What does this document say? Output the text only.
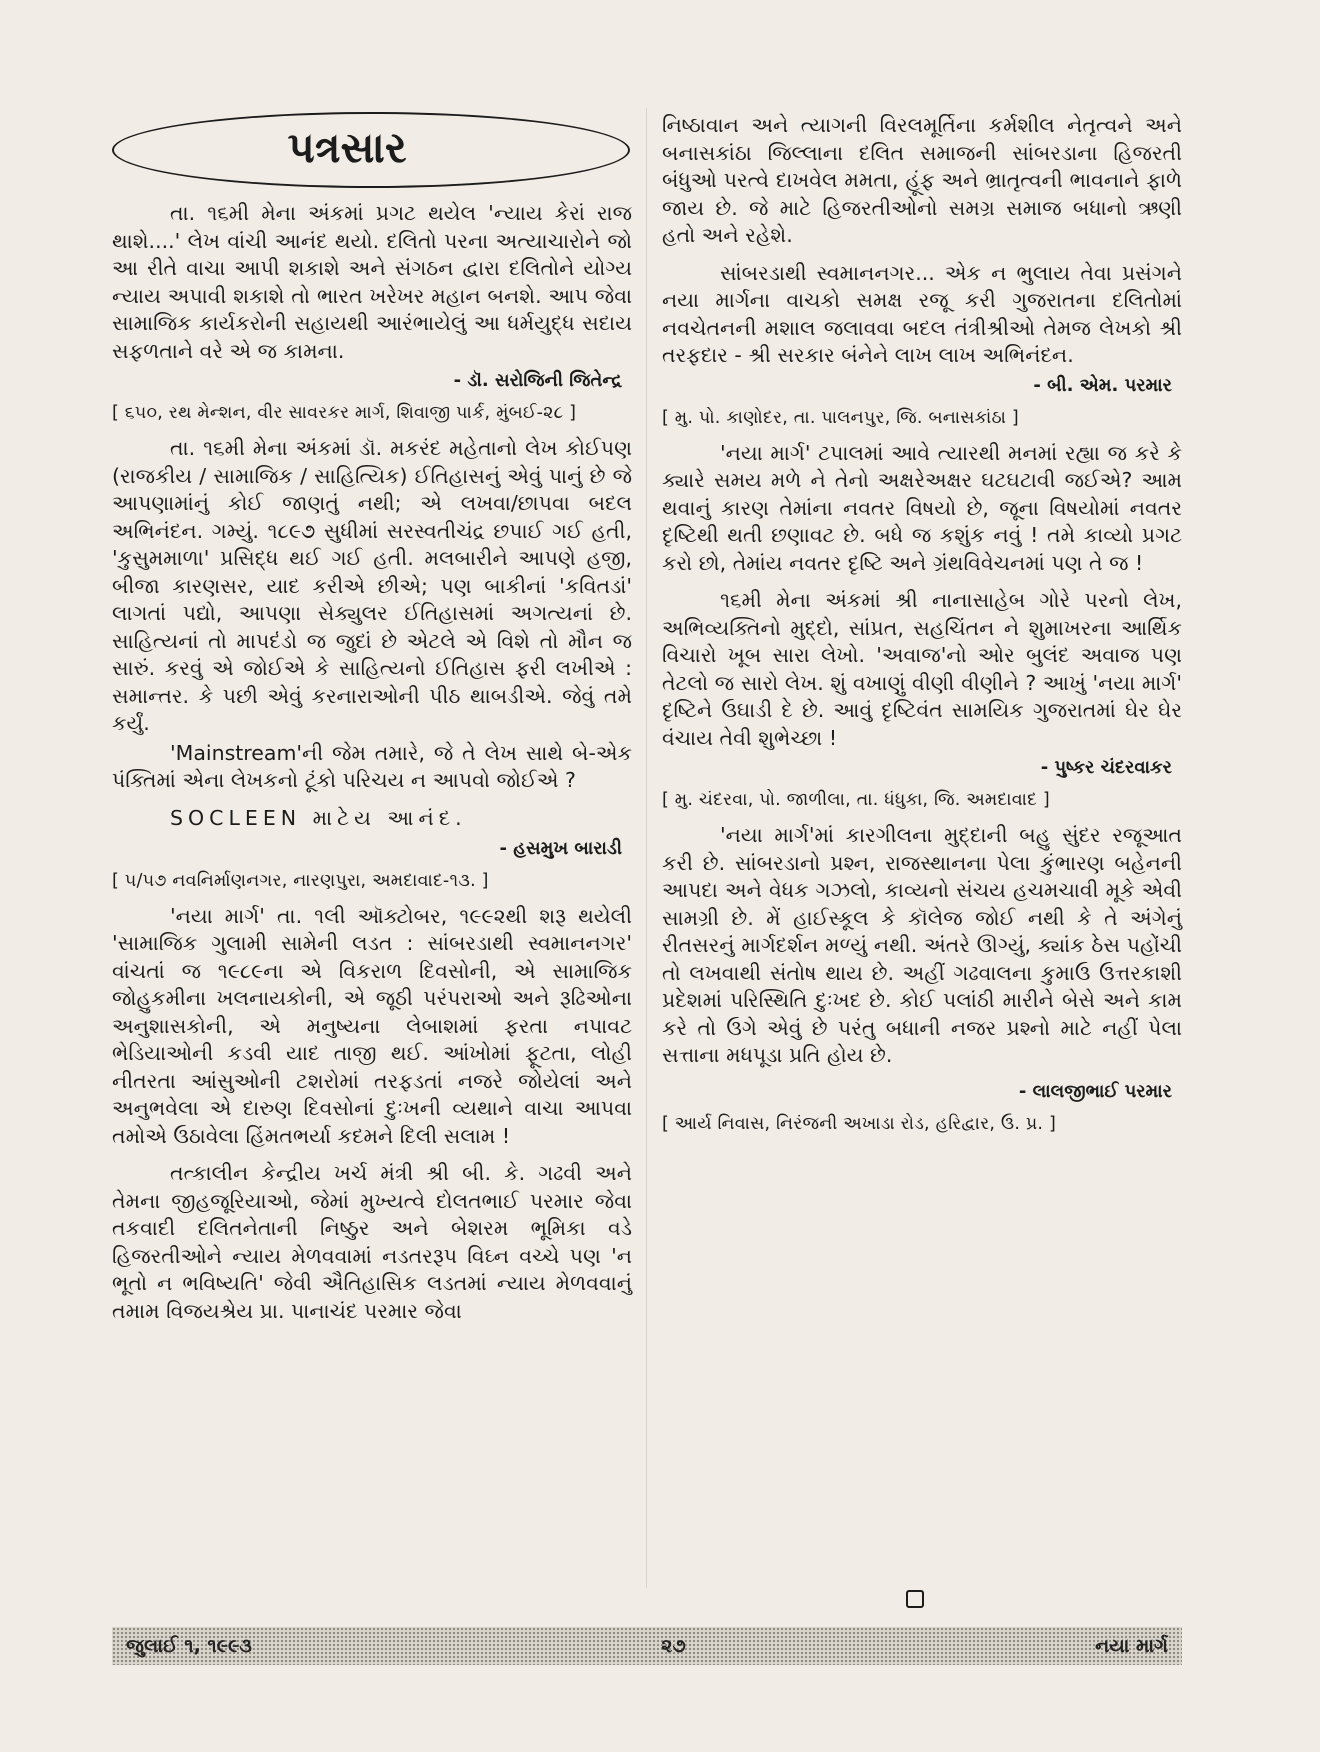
પત્રસાર

તા. ૧૬મી મેના અંકમાં પ્રગટ થયેલ 'ન્યાય કેરાં રાજ થાશે....' લેખ વાંચી આનંદ થયો. દલિતો પરના અત્યાચારોને જો આ રીતે વાચા આપી શકાશે અને સંગઠન દ્વારા દલિતોને યોગ્ય ન્યાય અપાવી શકાશે તો ભારત ખરેખર મહાન બનશે. આપ જેવા સામાજિક કાર્યકરોની સહાયથી આરંભાયેલું આ ધર્મયુદ્ધ સદાય સફળતાને વરે એ જ કામના.

- ડૉ. સરોજિની જિતેન્દ્ર
[ ૬૫૦, રથ મેન્શન, વીર સાવરકર માર્ગ, શિવાજી પાર્ક, મુંબઈ-૨૮ ]

તા. ૧૬મી મેના અંકમાં ડૉ. મકરંદ મહેતાનો લેખ કોઈપણ (રાજકીય / સામાજિક / સાહિત્યિક) ઈતિહાસનું એવું પાનું છે જે આપણામાંનું કોઈ જાણતું નથી; એ લખવા/છાપવા બદલ અભિનંદન. ગમ્યું. ૧૮૯૭ સુધીમાં સરસ્વતીચંદ્ર છપાઈ ગઈ હતી, 'કુસુમમાળા' પ્રસિદ્ધ થઈ ગઈ હતી. મલબારીને આપણે હજી, બીજા કારણસર, યાદ કરીએ છીએ; પણ બાકીનાં 'કવિતડાં' લાગતાં પદ્યો, આપણા સેક્યુલર ઈતિહાસમાં અગત્યનાં છે. સાહિત્યનાં તો માપદંડો જ જુદાં છે એટલે એ વિશે તો મૌન જ સારું. કરવું એ જોઈએ કે સાહિત્યનો ઈતિહાસ ફરી લખીએ : સમાન્તર. કે પછી એવું કરનારાઓની પીઠ થાબડીએ. જેવું તમે કર્યું.

'Mainstream'ની જેમ તમારે, જે તે લેખ સાથે બે-એક પંક્તિમાં એના લેખકનો ટૂંકો પરિચય ન આપવો જોઈએ ?

SOCLEEN માટેય આનંદ.
- હસમુખ બારાડી
[ ૫/૫૭ નવનિર્માણનગર, નારણપુરા, અમદાવાદ-૧૩. ]

'નયા માર્ગ' તા. ૧લી ઑક્ટોબર, ૧૯૯૨થી શરૂ થયેલી 'સામાજિક ગુલામી સામેની લડત : સાંબરડાથી સ્વમાનનગર' વાંચતાં જ ૧૯૮૯ના એ વિકરાળ દિવસોની, એ સામાજિક જોહુકમીના ખલનાયકોની, એ જૂઠી પરંપરાઓ અને રૂઢિઓના અનુશાસકોની, એ મનુષ્યના લેબાશમાં ફરતા નપાવટ ભેડિયાઓની કડવી યાદ તાજી થઈ. આંખોમાં ફૂટતા, લોહી નીતરતા આંસુઓની ટશરોમાં તરફડતાં નજરે જોયેલાં અને અનુભવેલા એ દારુણ દિવસોનાં દુઃખની વ્યથાને વાચા આપવા તમોએ ઉઠાવેલા હિંમતભર્યા કદમને દિલી સલામ !

તત્કાલીન કેન્દ્રીય ખર્ચ મંત્રી શ્રી બી. કે. ગઢવી અને તેમના જીહજૂરિયાઓ, જેમાં મુખ્યત્વે દોલતભાઈ પરમાર જેવા તકવાદી દલિતનેતાની નિષ્ઠુર અને બેશરમ ભૂમિકા વડે હિજરતીઓને ન્યાય મેળવવામાં નડતરરૂપ વિઘ્ન વચ્ચે પણ 'ન ભૂતો ન ભવિષ્યતિ' જેવી ઐતિહાસિક લડતમાં ન્યાય મેળવવાનું તમામ વિજયશ્રેય પ્રા. પાનાચંદ પરમાર જેવા

નિષ્ઠાવાન અને ત્યાગની વિરલમૂર્તિના કર્મશીલ નેતૃત્વને અને બનાસકાંઠા જિલ્લાના દલિત સમાજની સાંબરડાના હિજરતી બંધુઓ પરત્વે દાખવેલ મમતા, હૂંફ અને ભ્રાતૃત્વની ભાવનાને ફાળે જાય છે. જે માટે હિજરતીઓનો સમગ્ર સમાજ બધાનો ઋણી હતો અને રહેશે.

સાંબરડાથી સ્વમાનનગર... એક ન ભુલાય તેવા પ્રસંગને નયા માર્ગના વાચકો સમક્ષ રજૂ કરી ગુજરાતના દલિતોમાં નવચેતનની મશાલ જલાવવા બદલ તંત્રીશ્રીઓ તેમજ લેખકો શ્રી તરફદાર - શ્રી સરકાર બંનેને લાખ લાખ અભિનંદન.

- બી. એમ. પરમાર
[ મુ. પો. કાણોદર, તા. પાલનપુર, જિ. બનાસકાંઠા ]

'નયા માર્ગ' ટપાલમાં આવે ત્યારથી મનમાં રહ્યા જ કરે કે ક્યારે સમય મળે ને તેનો અક્ષરેઅક્ષર ઘટઘટાવી જઈએ? આમ થવાનું કારણ તેમાંના નવતર વિષયો છે, જૂના વિષયોમાં નવતર દૃષ્ટિથી થતી છણાવટ છે. બધે જ કશુંક નવું ! તમે કાવ્યો પ્રગટ કરો છો, તેમાંય નવતર દૃષ્ટિ અને ગ્રંથવિવેચનમાં પણ તે જ !

૧૬મી મેના અંકમાં શ્રી નાનાસાહેબ ગોરે પરનો લેખ, અભિવ્યક્તિનો મુદ્દો, સાંપ્રત, સહચિંતન ને શુમાખરના આર્થિક વિચારો ખૂબ સારા લેખો. 'અવાજ'નો ઓર બુલંદ અવાજ પણ તેટલો જ સારો લેખ. શું વખાણું વીણી વીણીને ? આખું 'નયા માર્ગ' દૃષ્ટિને ઉઘાડી દે છે. આવું દૃષ્ટિવંત સામયિક ગુજરાતમાં ઘેર ઘેર વંચાય તેવી શુભેચ્છા !

- પુષ્કર ચંદરવાકર
[ મુ. ચંદરવા, પો. જાળીલા, તા. ધંધુકા, જિ. અમદાવાદ ]

'નયા માર્ગ'માં કારગીલના મુદ્દાની બહુ સુંદર રજૂઆત કરી છે. સાંબરડાનો પ્રશ્ન, રાજસ્થાનના પેલા કુંભારણ બહેનની આપદા અને વેધક ગઝલો, કાવ્યનો સંચય હચમચાવી મૂકે એવી સામગ્રી છે. મેં હાઈસ્કૂલ કે કૉલેજ જોઈ નથી કે તે અંગેનું રીતસરનું માર્ગદર્શન મળ્યું નથી. અંતરે ઊગ્યું, ક્યાંક ઠેસ પહોંચી તો લખવાથી સંતોષ થાય છે. અહીં ગઢવાલના કુમાઉ ઉત્તરકાશી પ્રદેશમાં પરિસ્થિતિ દુઃખદ છે. કોઈ પલાંઠી મારીને બેસે અને કામ કરે તો ઉગે એવું છે પરંતુ બધાની નજર પ્રશ્નો માટે નહીં પેલા સત્તાના મધપૂડા પ્રતિ હોય છે.

- લાલજીભાઈ પરમાર
[ આર્ય નિવાસ, નિરંજની અખાડા રોડ, હરિદ્વાર, ઉ. પ્ર. ]
જુલાઈ ૧, ૧૯૯૩	૨૭	નયા માર્ગ
